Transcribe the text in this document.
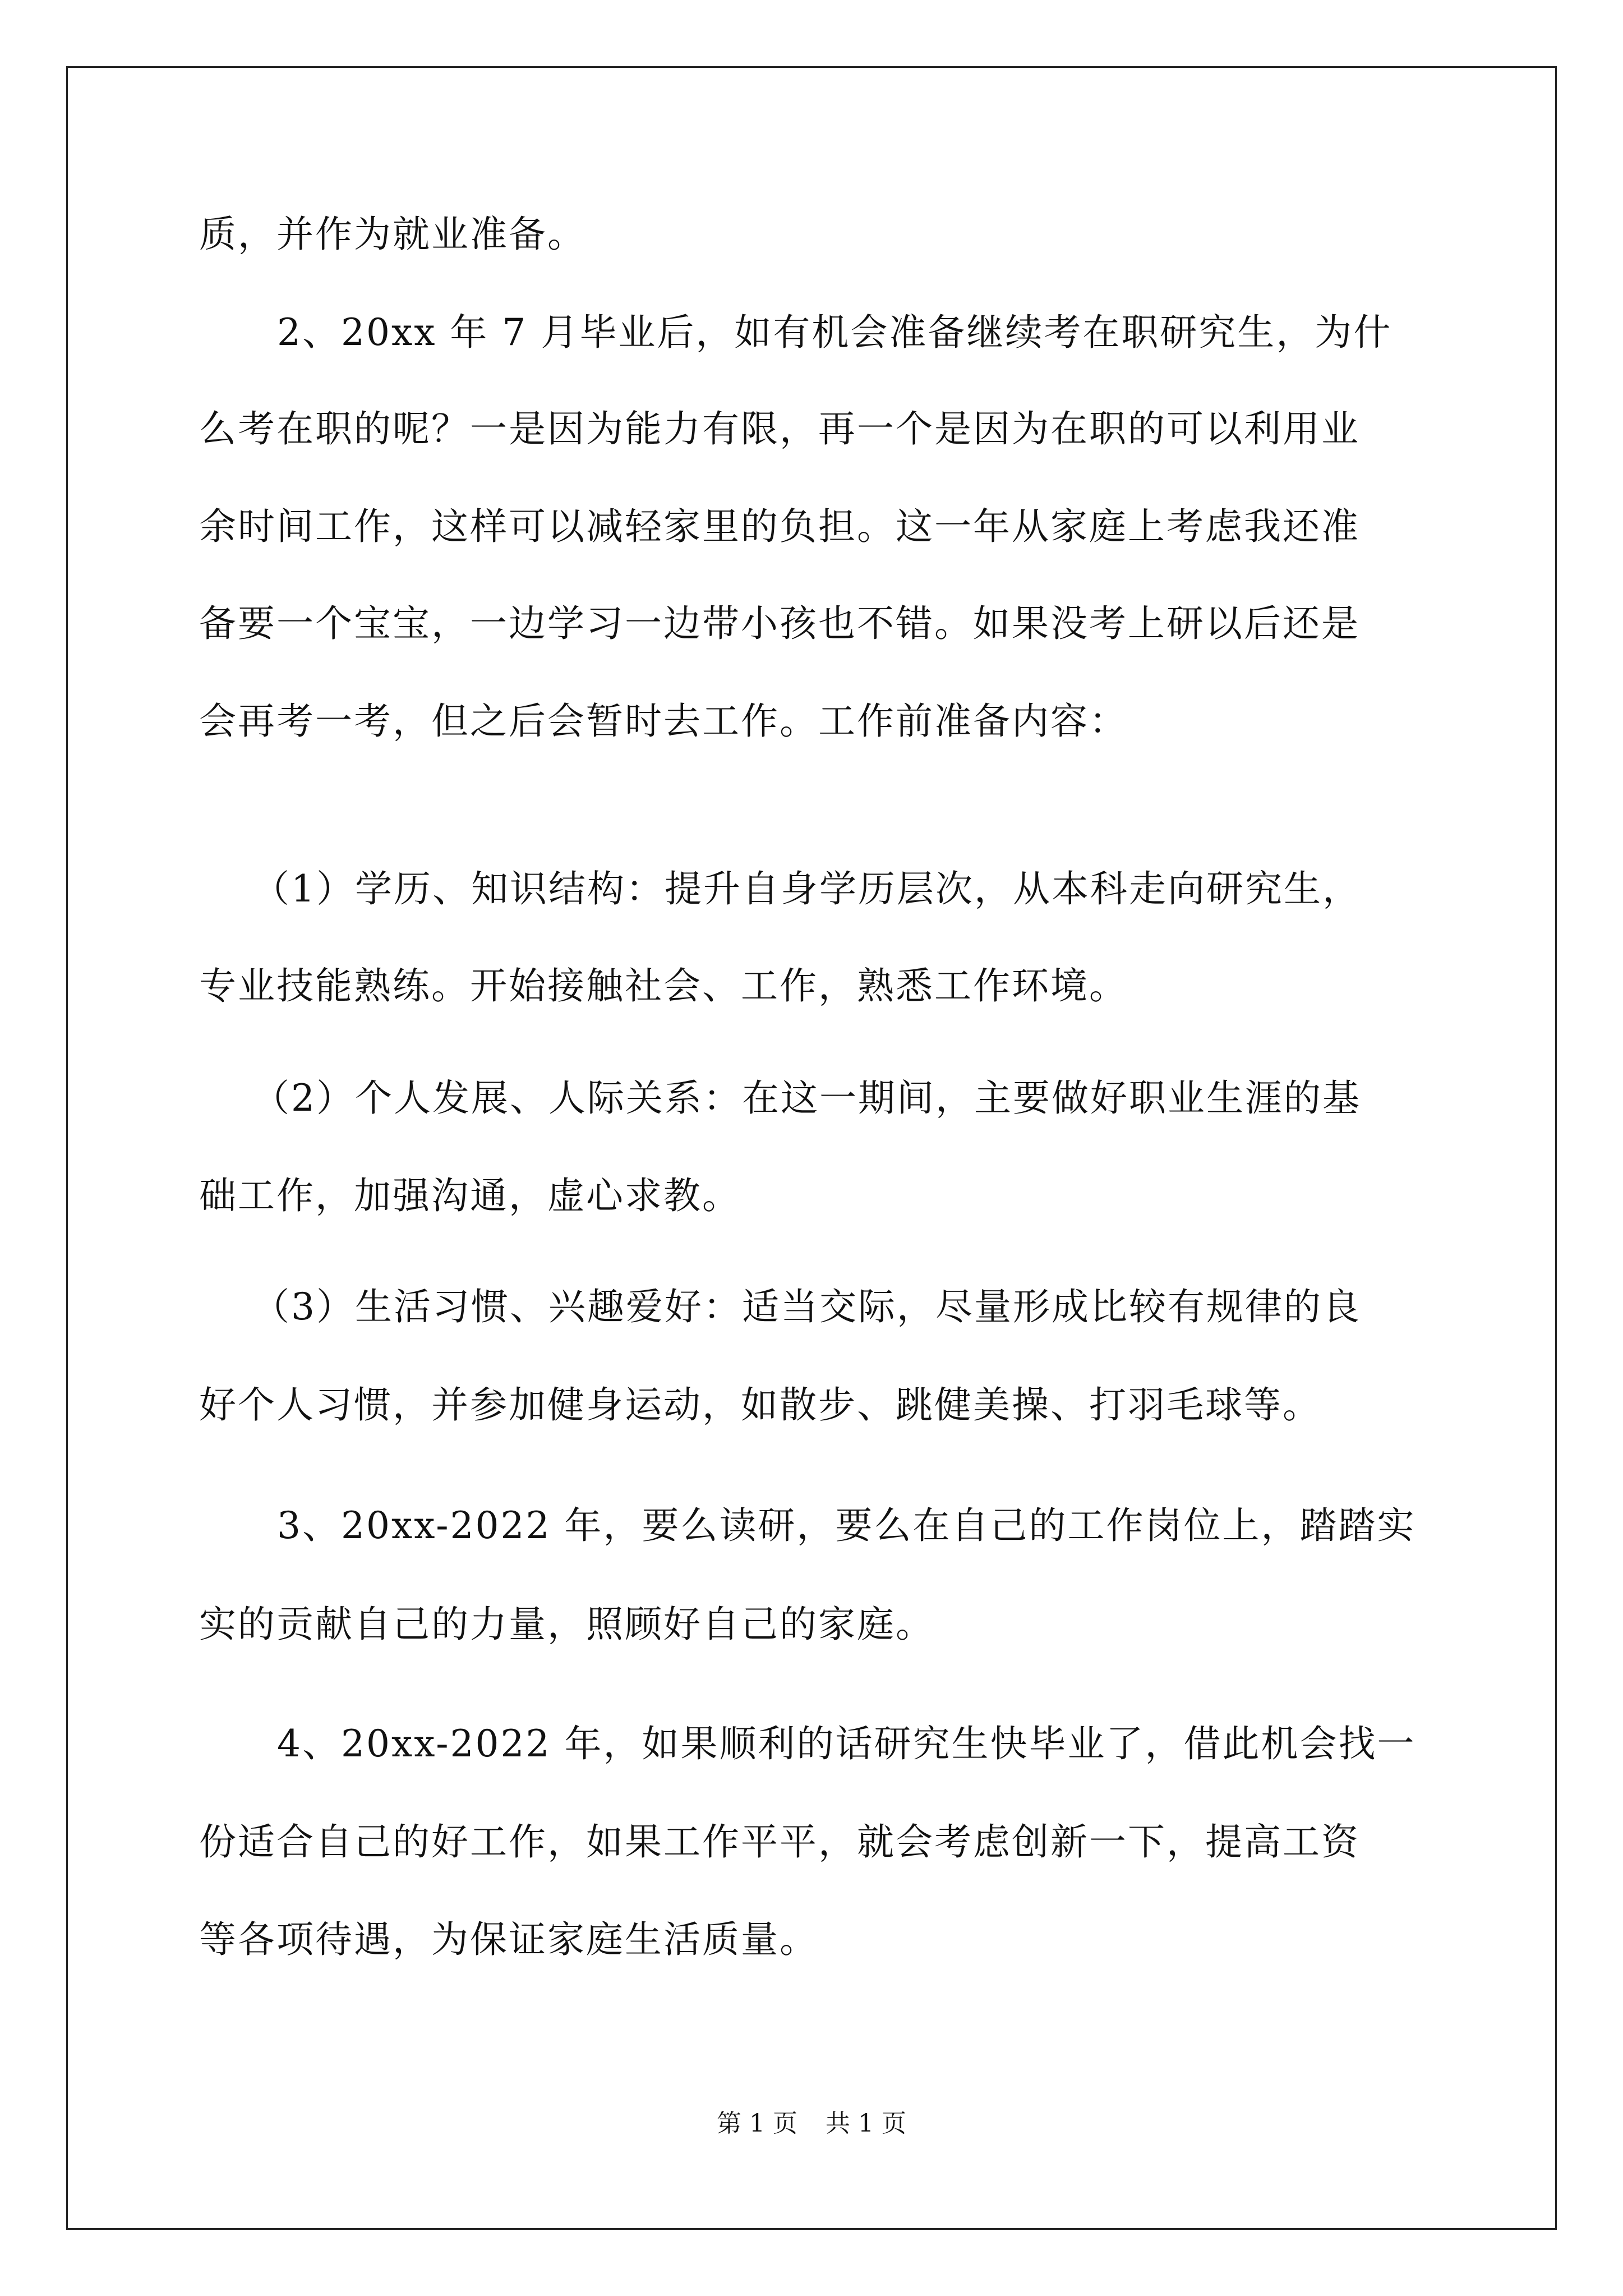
质，并作为就业准备。
2、20xx 年 7 月毕业后，如有机会准备继续考在职研究生，为什
么考在职的呢？一是因为能力有限，再一个是因为在职的可以利用业
余时间工作，这样可以减轻家里的负担。这一年从家庭上考虑我还准
备要一个宝宝，一边学习一边带小孩也不错。如果没考上研以后还是
会再考一考，但之后会暂时去工作。工作前准备内容：
（1）学历、知识结构：提升自身学历层次，从本科走向研究生，
专业技能熟练。开始接触社会、工作，熟悉工作环境。
（2）个人发展、人际关系：在这一期间，主要做好职业生涯的基
础工作，加强沟通，虚心求教。
（3）生活习惯、兴趣爱好：适当交际，尽量形成比较有规律的良
好个人习惯，并参加健身运动，如散步、跳健美操、打羽毛球等。
3、20xx-2022 年，要么读研，要么在自己的工作岗位上，踏踏实
实的贡献自己的力量，照顾好自己的家庭。
4、20xx-2022 年，如果顺利的话研究生快毕业了，借此机会找一
份适合自己的好工作，如果工作平平，就会考虑创新一下，提高工资
等各项待遇，为保证家庭生活质量。
第 1 页 共 1 页
